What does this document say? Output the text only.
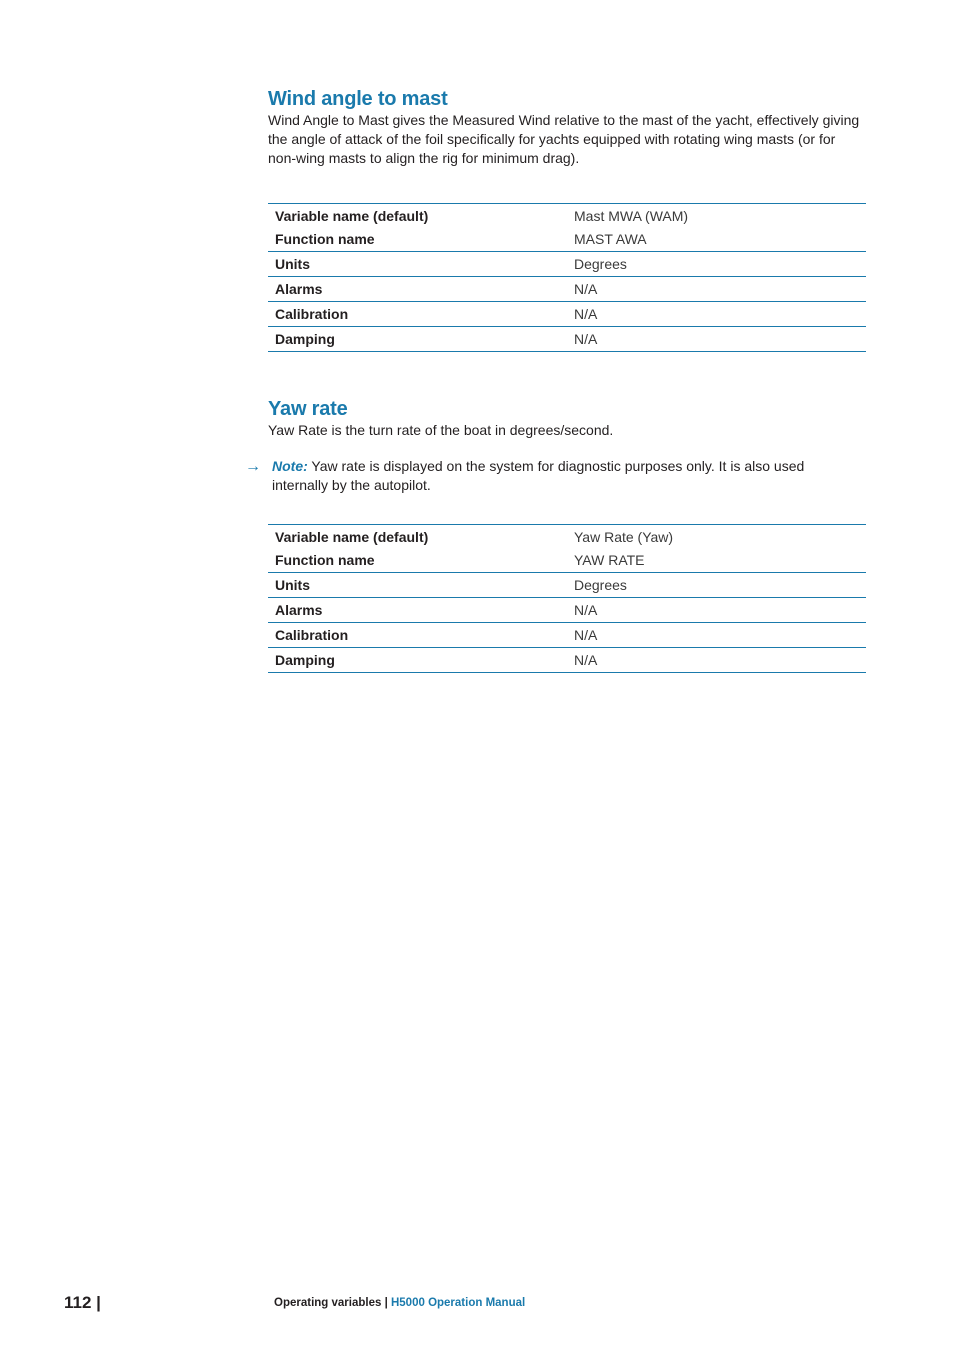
Wind angle to mast

Wind Angle to Mast gives the Measured Wind relative to the mast of the yacht, effectively giving the angle of attack of the foil specifically for yachts equipped with rotating wing masts (or for non-wing masts to align the rig for minimum drag).

Variable name (default)	Mast MWA (WAM)
Function name	MAST AWA
Units	Degrees
Alarms	N/A
Calibration	N/A
Damping	N/A
Yaw rate

Yaw Rate is the turn rate of the boat in degrees/second.

→ Note: Yaw rate is displayed on the system for diagnostic purposes only. It is also used internally by the autopilot.
Variable name (default)	Yaw Rate (Yaw)
Function name	YAW RATE
Units	Degrees
Alarms	N/A
Calibration	N/A
Damping	N/A
112 |	Operating variables | H5000 Operation Manual
